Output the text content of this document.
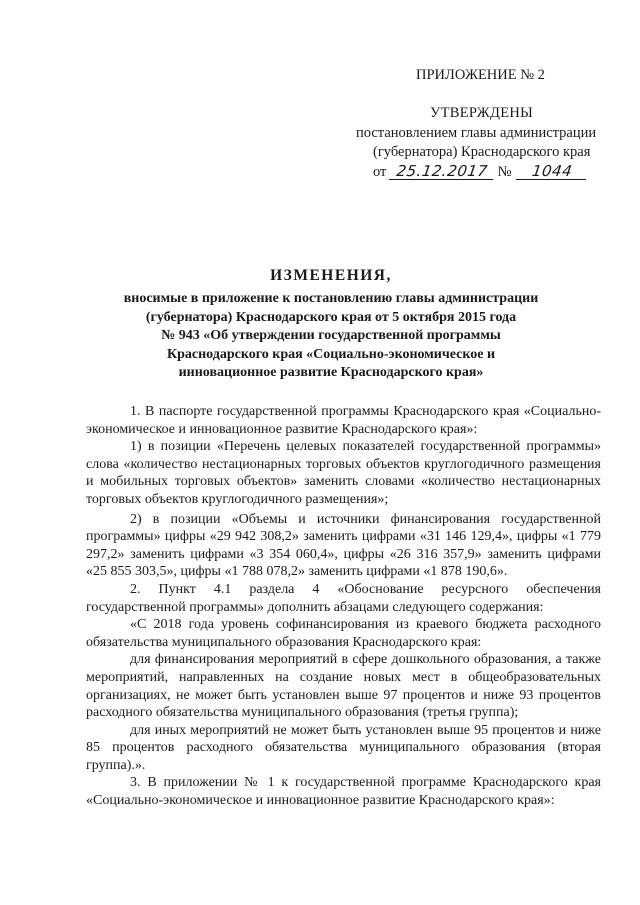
ПРИЛОЖЕНИЕ № 2
УТВЕРЖДЕНЫ
постановлением главы администрации
(губернатора) Краснодарского края
от 25.12.2017 № 1044
ИЗМЕНЕНИЯ,
вносимые в приложение к постановлению главы администрации
(губернатора) Краснодарского края от 5 октября 2015 года
№ 943 «Об утверждении государственной программы
Краснодарского края «Социально-экономическое и
инновационное развитие Краснодарского края»

1. В паспорте государственной программы Краснодарского края «Социально-экономическое и инновационное развитие Краснодарского края»:

1) в позиции «Перечень целевых показателей государственной программы» слова «количество нестационарных торговых объектов круглогодичного размещения и мобильных торговых объектов» заменить словами «количество нестационарных торговых объектов круглогодичного размещения»;

2) в позиции «Объемы и источники финансирования государственной программы» цифры «29 942 308,2» заменить цифрами «31 146 129,4», цифры «1 779 297,2» заменить цифрами «3 354 060,4», цифры «26 316 357,9» заменить цифрами «25 855 303,5», цифры «1 788 078,2» заменить цифрами «1 878 190,6».

2. Пункт 4.1 раздела 4 «Обоснование ресурсного обеспечения государственной программы» дополнить абзацами следующего содержания:

«С 2018 года уровень софинансирования из краевого бюджета расходного обязательства муниципального образования Краснодарского края:

для финансирования мероприятий в сфере дошкольного образования, а также мероприятий, направленных на создание новых мест в общеобразовательных организациях, не может быть установлен выше 97 процентов и ниже 93 процентов расходного обязательства муниципального образования (третья группа);

для иных мероприятий не может быть установлен выше 95 процентов и ниже 85 процентов расходного обязательства муниципального образования (вторая группа).».

3. В приложении № 1 к государственной программе Краснодарского края «Социально-экономическое и инновационное развитие Краснодарского края»:
